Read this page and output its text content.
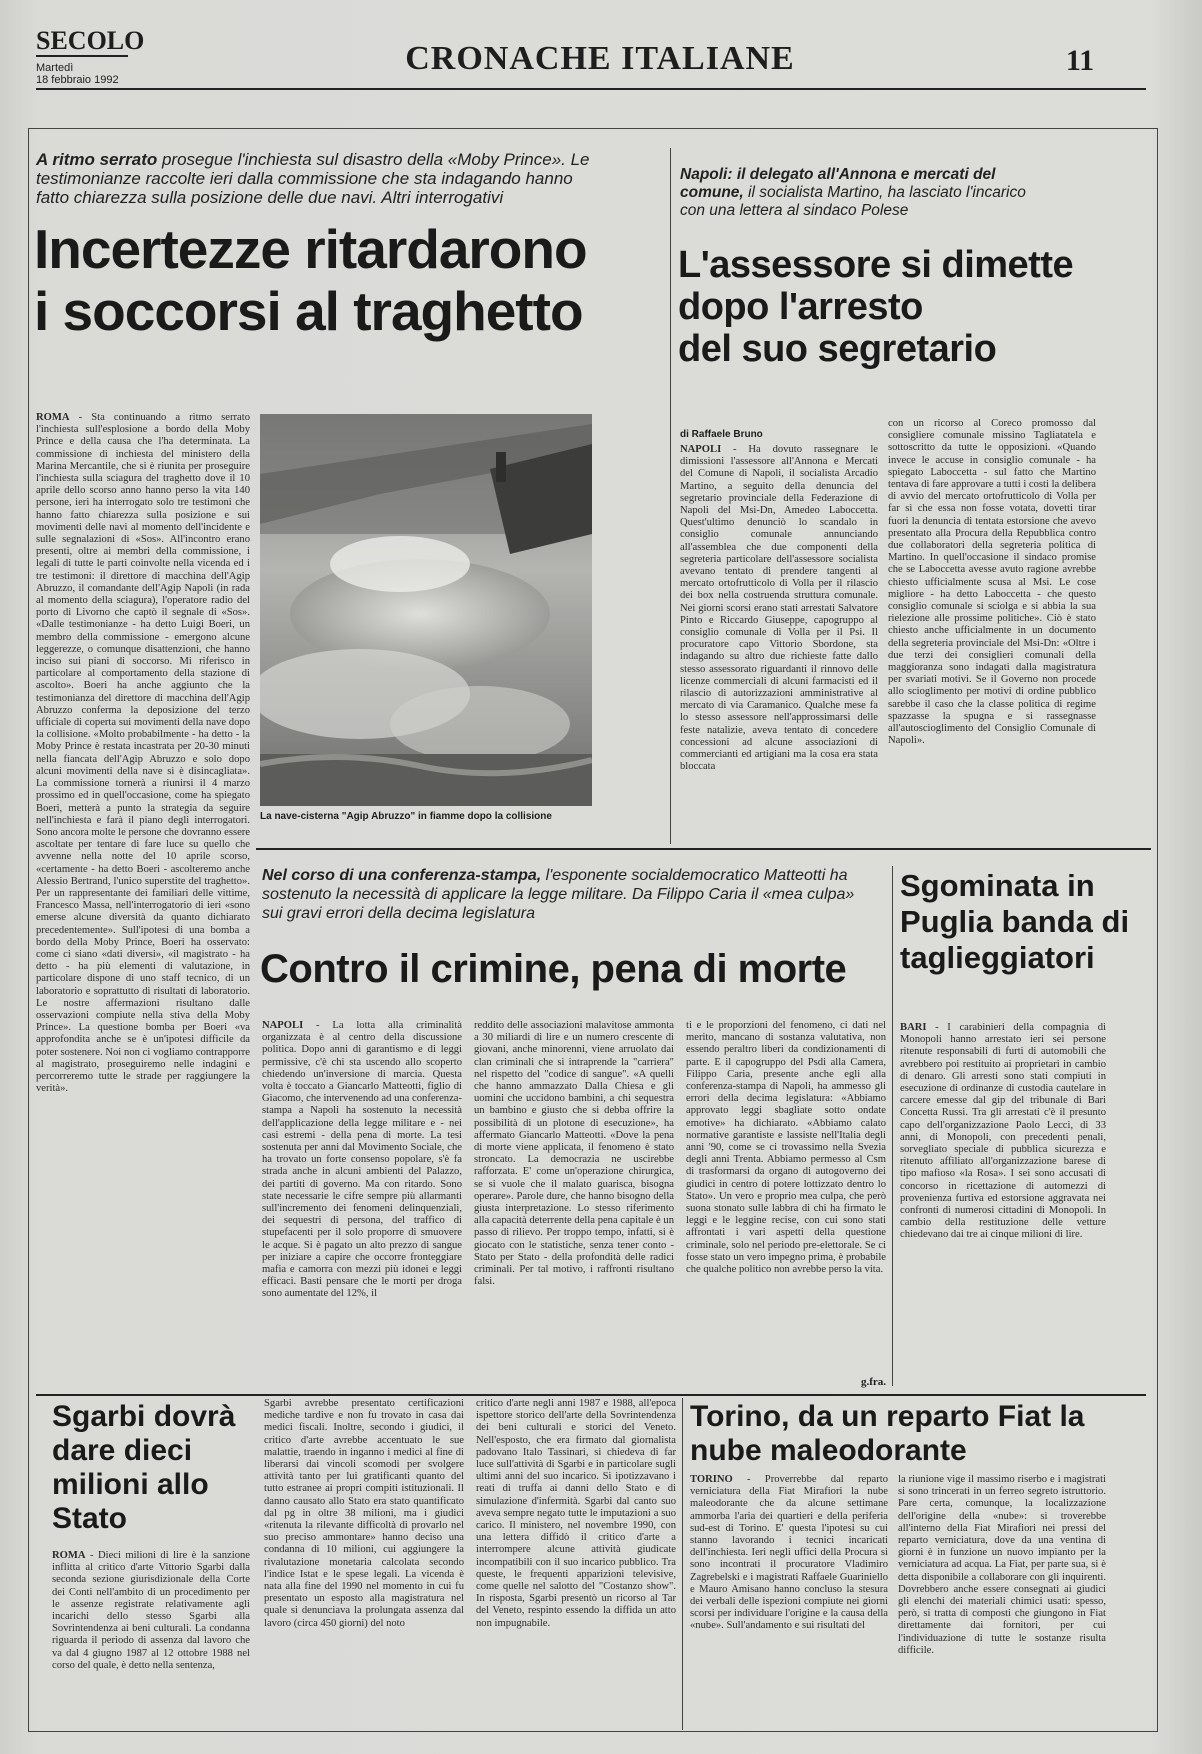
SECOLO
Martedì
18 febbraio 1992
CRONACHE ITALIANE	11
A ritmo serrato prosegue l'inchiesta sul disastro della «Moby Prince». Le testimonianze raccolte ieri dalla commissione che sta indagando hanno fatto chiarezza sulla posizione delle due navi. Altri interrogativi
Incertezze ritardarono
i soccorsi al traghetto
ROMA - Sta continuando a ritmo serrato l'inchiesta sull'esplosione a bordo della Moby Prince e della causa che l'ha determinata. La commissione di inchiesta del ministero della Marina Mercantile, che si è riunita per proseguire l'inchiesta sulla sciagura del traghetto dove il 10 aprile dello scorso anno hanno perso la vita 140 persone, ieri ha interrogato solo tre testimoni che hanno fatto chiarezza sulla posizione e sui movimenti delle navi al momento dell'incidente e sulle segnalazioni di «Sos». All'incontro erano presenti, oltre ai membri della commissione, i legali di tutte le parti coinvolte nella vicenda ed i tre testimoni: il direttore di macchina dell'Agip Abruzzo, il comandante dell'Agip Napoli (in rada al momento della sciagura), l'operatore radio del porto di Livorno che captò il segnale di «Sos». «Dalle testimonianze - ha detto Luigi Boeri, un membro della commissione - emergono alcune leggerezze, o comunque disattenzioni, che hanno inciso sui piani di soccorso. Mi riferisco in particolare al comportamento della stazione di ascolto». Boeri ha anche aggiunto che la testimonianza del direttore di macchina dell'Agip Abruzzo conferma la deposizione del terzo ufficiale di coperta sui movimenti della nave dopo la collisione. «Molto probabilmente - ha detto - la Moby Prince è restata incastrata per 20-30 minuti nella fiancata dell'Agip Abruzzo e solo dopo alcuni movimenti della nave si è disincagliata». La commissione tornerà a riunirsi il 4 marzo prossimo ed in quell'occasione, come ha spiegato Boeri, metterà a punto la strategia da seguire nell'inchiesta e farà il piano degli interrogatori. Sono ancora molte le persone che dovranno essere ascoltate per tentare di fare luce su quello che avvenne nella notte del 10 aprile scorso, «certamente - ha detto Boeri - ascolteremo anche Alessio Bertrand, l'unico superstite del traghetto». Per un rappresentante dei familiari delle vittime, Francesco Massa, nell'interrogatorio di ieri «sono emerse alcune diversità da quanto dichiarato precedentemente». Sull'ipotesi di una bomba a bordo della Moby Prince, Boeri ha osservato: come ci siano «dati diversi», «il magistrato - ha detto - ha più elementi di valutazione, in particolare dispone di uno staff tecnico, di un laboratorio e soprattutto di risultati di laboratorio. Le nostre affermazioni risultano dalle osservazioni compiute nella stiva della Moby Prince». La questione bomba per Boeri «va approfondita anche se è un'ipotesi difficile da poter sostenere. Noi non ci vogliamo contrapporre al magistrato, proseguiremo nelle indagini e percorreremo tutte le strade per raggiungere la verità».
La nave-cisterna "Agip Abruzzo" in fiamme dopo la collisione
Napoli: il delegato all'Annona e mercati del comune, il socialista Martino, ha lasciato l'incarico con una lettera al sindaco Polese
L'assessore si dimette
dopo l'arresto
del suo segretario
di Raffaele Bruno
NAPOLI - Ha dovuto rassegnare le dimissioni l'assessore all'Annona e Mercati del Comune di Napoli, il socialista Arcadio Martino, a seguito della denuncia del segretario provinciale della Federazione di Napoli del Msi-Dn, Amedeo Laboccetta. Quest'ultimo denunciò lo scandalo in consiglio comunale annunciando all'assemblea che due componenti della segreteria particolare dell'assessore socialista avevano tentato di prendere tangenti al mercato ortofrutticolo di Volla per il rilascio dei box nella costruenda struttura comunale. Nei giorni scorsi erano stati arrestati Salvatore Pinto e Riccardo Giuseppe, capogruppo al consiglio comunale di Volla per il Psi. Il procuratore capo Vittorio Sbordone, sta indagando su altro due richieste fatte dallo stesso assessorato riguardanti il rinnovo delle licenze commerciali di alcuni farmacisti ed il rilascio di autorizzazioni amministrative al mercato di via Caramanico. Qualche mese fa lo stesso assessore nell'approssimarsi delle feste natalizie, aveva tentato di concedere concessioni ad alcune associazioni di commercianti ed artigiani ma la cosa era stata bloccata
con un ricorso al Coreco promosso dal consigliere comunale missino Tagliatatela e sottoscritto da tutte le opposizioni. «Quando invece le accuse in consiglio comunale - ha spiegato Laboccetta - sul fatto che Martino tentava di fare approvare a tutti i costi la delibera di avvio del mercato ortofrutticolo di Volla per far sì che essa non fosse votata, dovetti tirar fuori la denuncia di tentata estorsione che avevo presentato alla Procura della Repubblica contro due collaboratori della segreteria politica di Martino. In quell'occasione il sindaco promise che se Laboccetta avesse avuto ragione avrebbe chiesto ufficialmente scusa al Msi. Le cose migliore - ha detto Laboccetta - che questo consiglio comunale si sciolga e si abbia la sua rielezione alle prossime politiche». Ciò è stato chiesto anche ufficialmente in un documento della segreteria provinciale del Msi-Dn: «Oltre i due terzi dei consiglieri comunali della maggioranza sono indagati dalla magistratura per svariati motivi. Se il Governo non procede allo scioglimento per motivi di ordine pubblico sarebbe il caso che la classe politica di regime spazzasse la spugna e si rassegnasse all'autoscioglimento del Consiglio Comunale di Napoli».
Nel corso di una conferenza-stampa, l'esponente socialdemocratico Matteotti ha sostenuto la necessità di applicare la legge militare. Da Filippo Caria il «mea culpa» sui gravi errori della decima legislatura
Contro il crimine, pena di morte
NAPOLI - La lotta alla criminalità organizzata è al centro della discussione politica. Dopo anni di garantismo e di leggi permissive, c'è chi sta uscendo allo scoperto chiedendo un'inversione di marcia. Questa volta è toccato a Giancarlo Matteotti, figlio di Giacomo, che intervenendo ad una conferenza-stampa a Napoli ha sostenuto la necessità dell'applicazione della legge militare e - nei casi estremi - della pena di morte. La tesi sostenuta per anni dal Movimento Sociale, che ha trovato un forte consenso popolare, s'è fa strada anche in alcuni ambienti del Palazzo, dei partiti di governo. Ma con ritardo. Sono state necessarie le cifre sempre più allarmanti sull'incremento dei fenomeni delinquenziali, dei sequestri di persona, del traffico di stupefacenti per il solo proporre di smuovere le acque. Si è pagato un alto prezzo di sangue per iniziare a capire che occorre fronteggiare mafia e camorra con mezzi più idonei e leggi efficaci. Basti pensare che le morti per droga sono aumentate del 12%, il
reddito delle associazioni malavitose ammonta a 30 miliardi di lire e un numero crescente di giovani, anche minorenni, viene arruolato dai clan criminali che si intraprende la "carriera" nel rispetto del "codice di sangue". «A quelli che hanno ammazzato Dalla Chiesa e gli uomini che uccidono bambini, a chi sequestra un bambino e giusto che si debba offrire la possibilità di un plotone di esecuzione», ha affermato Giancarlo Matteotti. «Dove la pena di morte viene applicata, il fenomeno è stato stroncato. La democrazia ne uscirebbe rafforzata. E' come un'operazione chirurgica, se si vuole che il malato guarisca, bisogna operare». Parole dure, che hanno bisogno della giusta interpretazione. Lo stesso riferimento alla capacità deterrente della pena capitale è un passo di rilievo. Per troppo tempo, infatti, si è giocato con le statistiche, senza tener conto - Stato per Stato - della profondità delle radici criminali. Per tal motivo, i raffronti risultano falsi.
ti e le proporzioni del fenomeno, ci dati nel merito, mancano di sostanza valutativa, non essendo peraltro liberi da condizionamenti di parte. E il capogruppo del Psdi alla Camera, Filippo Caria, presente anche egli alla conferenza-stampa di Napoli, ha ammesso gli errori della decima legislatura: «Abbiamo approvato leggi sbagliate sotto ondate emotive» ha dichiarato. «Abbiamo calato normative garantiste e lassiste nell'Italia degli anni '90, come se ci trovassimo nella Svezia degli anni Trenta. Abbiamo permesso al Csm di trasformarsi da organo di autogoverno dei giudici in centro di potere lottizzato dentro lo Stato». Un vero e proprio mea culpa, che però suona stonato sulle labbra di chi ha firmato le leggi e le leggine recise, con cui sono stati affrontati i vari aspetti della questione criminale, solo nel periodo pre-elettorale. Se ci fosse stato un vero impegno prima, è probabile che qualche politico non avrebbe perso la vita.
g.fra.
Sgominata in Puglia banda di taglieggiatori
BARI - I carabinieri della compagnia di Monopoli hanno arrestato ieri sei persone ritenute responsabili di furti di automobili che avrebbero poi restituito ai proprietari in cambio di denaro. Gli arresti sono stati compiuti in esecuzione di ordinanze di custodia cautelare in carcere emesse dal gip del tribunale di Bari Concetta Russi. Tra gli arrestati c'è il presunto capo dell'organizzazione Paolo Lecci, di 33 anni, di Monopoli, con precedenti penali, sorvegliato speciale di pubblica sicurezza e ritenuto affiliato all'organizzazione barese di tipo mafioso «la Rosa». I sei sono accusati di concorso in ricettazione di automezzi di provenienza furtiva ed estorsione aggravata nei confronti di numerosi cittadini di Monopoli. In cambio della restituzione delle vetture chiedevano dai tre ai cinque milioni di lire.
Sgarbi dovrà dare dieci milioni allo Stato
ROMA - Dieci milioni di lire è la sanzione inflitta al critico d'arte Vittorio Sgarbi dalla seconda sezione giurisdizionale della Corte dei Conti nell'ambito di un procedimento per le assenze registrate relativamente agli incarichi dello stesso Sgarbi alla Sovrintendenza ai beni culturali. La condanna riguarda il periodo di assenza dal lavoro che va dal 4 giugno 1987 al 12 ottobre 1988 nel corso del quale, è detto nella sentenza,
Sgarbi avrebbe presentato certificazioni mediche tardive e non fu trovato in casa dai medici fiscali. Inoltre, secondo i giudici, il critico d'arte avrebbe accentuato le sue malattie, traendo in inganno i medici al fine di liberarsi dai vincoli scomodi per svolgere attività tanto per lui gratificanti quanto del tutto estranee ai propri compiti istituzionali. Il danno causato allo Stato era stato quantificato dal pg in oltre 38 milioni, ma i giudici «ritenuta la rilevante difficoltà di provarlo nel suo preciso ammontare» hanno deciso una condanna di 10 milioni, cui aggiungere la rivalutazione monetaria calcolata secondo l'indice Istat e le spese legali. La vicenda è nata alla fine del 1990 nel momento in cui fu presentato un esposto alla magistratura nel quale si denunciava la prolungata assenza dal lavoro (circa 450 giorni) del noto
critico d'arte negli anni 1987 e 1988, all'epoca ispettore storico dell'arte della Sovrintendenza dei beni culturali e storici del Veneto. Nell'esposto, che era firmato dal giornalista padovano Italo Tassinari, si chiedeva di far luce sull'attività di Sgarbi e in particolare sugli ultimi anni del suo incarico. Si ipotizzavano i reati di truffa ai danni dello Stato e di simulazione d'infermità. Sgarbi dal canto suo aveva sempre negato tutte le imputazioni a suo carico. Il ministero, nel novembre 1990, con una lettera diffidò il critico d'arte a interrompere alcune attività giudicate incompatibili con il suo incarico pubblico. Tra queste, le frequenti apparizioni televisive, come quelle nel salotto del "Costanzo show". In risposta, Sgarbi presentò un ricorso al Tar del Veneto, respinto essendo la diffida un atto non impugnabile.
Torino, da un reparto Fiat la nube maleodorante
TORINO - Proverrebbe dal reparto verniciatura della Fiat Mirafiori la nube maleodorante che da alcune settimane ammorba l'aria dei quartieri e della periferia sud-est di Torino. E' questa l'ipotesi su cui stanno lavorando i tecnici incaricati dell'inchiesta. Ieri negli uffici della Procura si sono incontrati il procuratore Vladimiro Zagrebelski e i magistrati Raffaele Guariniello e Mauro Amisano hanno concluso la stesura dei verbali delle ispezioni compiute nei giorni scorsi per individuare l'origine e la causa della «nube». Sull'andamento e sui risultati del
la riunione vige il massimo riserbo e i magistrati si sono trincerati in un ferreo segreto istruttorio. Pare certa, comunque, la localizzazione dell'origine della «nube»: si troverebbe all'interno della Fiat Mirafiori nei pressi del reparto verniciatura, dove da una ventina di giorni è in funzione un nuovo impianto per la verniciatura ad acqua. La Fiat, per parte sua, si è detta disponibile a collaborare con gli inquirenti. Dovrebbero anche essere consegnati ai giudici gli elenchi dei materiali chimici usati: spesso, però, si tratta di composti che giungono in Fiat direttamente dai fornitori, per cui l'individuazione di tutte le sostanze risulta difficile.
